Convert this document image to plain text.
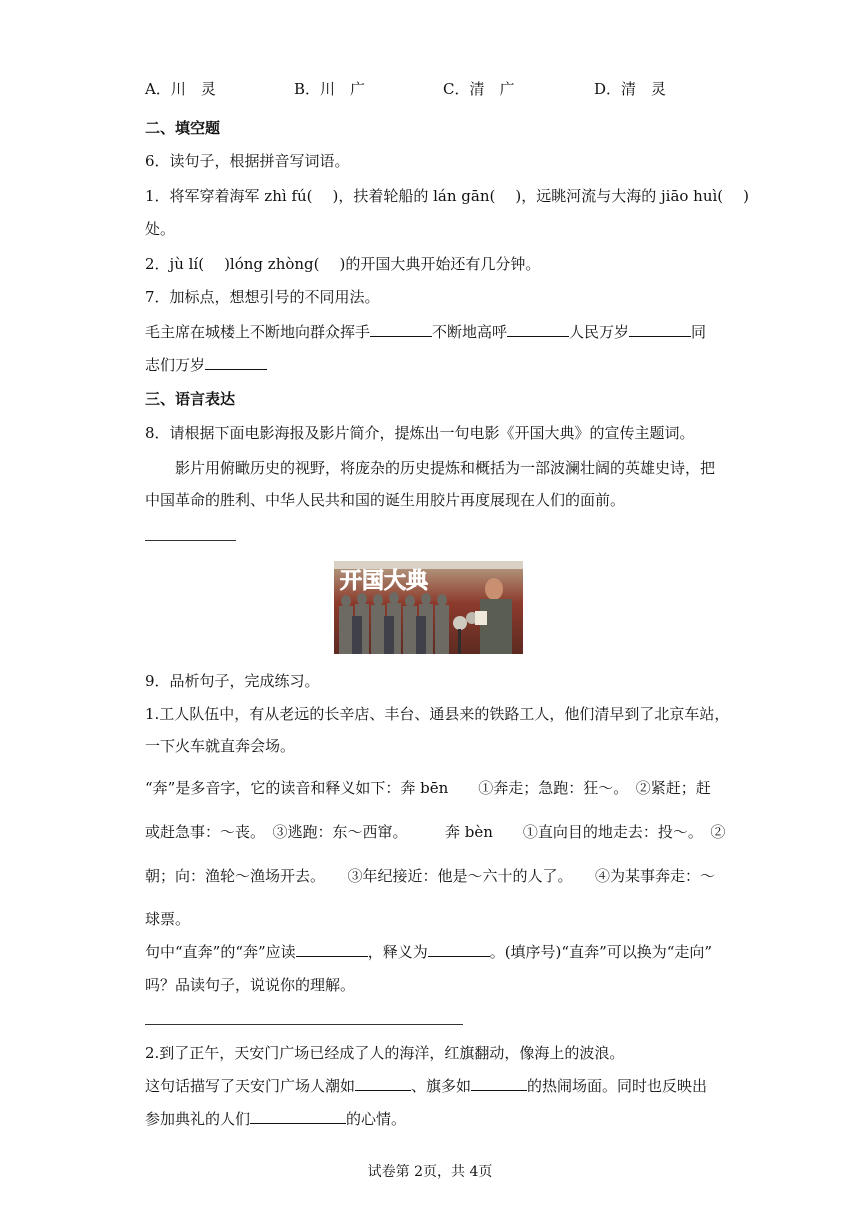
A．川　灵	B．川　广	C．清　广	D．清　灵
二、填空题
6．读句子，根据拼音写词语。
1．将军穿着海军 zhì fú( )，扶着轮船的 lán gān( )，远眺河流与大海的 jiāo huì( )
处。
2．jù lí( )lóng zhòng( )的开国大典开始还有几分钟。
7．加标点，想想引号的不同用法。
毛主席在城楼上不断地向群众挥手	不断地高呼	人民万岁	同
志们万岁
三、语言表达
8．请根据下面电影海报及影片简介，提炼出一句电影《开国大典》的宣传主题词。
影片用俯瞰历史的视野，将庞杂的历史提炼和概括为一部波澜壮阔的英雄史诗，把
中国革命的胜利、中华人民共和国的诞生用胶片再度展现在人们的面前。
开国大典
9．品析句子，完成练习。
1.工人队伍中，有从老远的长辛店、丰台、通县来的铁路工人，他们清早到了北京车站，
一下火车就直奔会场。
“奔”是多音字，它的读音和释义如下：奔 bēn　　①奔走；急跑：狂～。　②紧赶；赶
或赶急事：～丧。　③逃跑：东～西窜。　　　奔 bèn　　①直向目的地走去：投～。　②
朝；向：渔轮～渔场开去。　　③年纪接近：他是～六十的人了。　　④为某事奔走：～
球票。
句中“直奔”的“奔”应读	，释义为	。(填序号)“直奔”可以换为“走向”
吗？品读句子，说说你的理解。
2.到了正午，天安门广场已经成了人的海洋，红旗翻动，像海上的波浪。
这句话描写了天安门广场人潮如	、旗多如	的热闹场面。同时也反映出
参加典礼的人们	的心情。
试卷第 2页，共 4页
